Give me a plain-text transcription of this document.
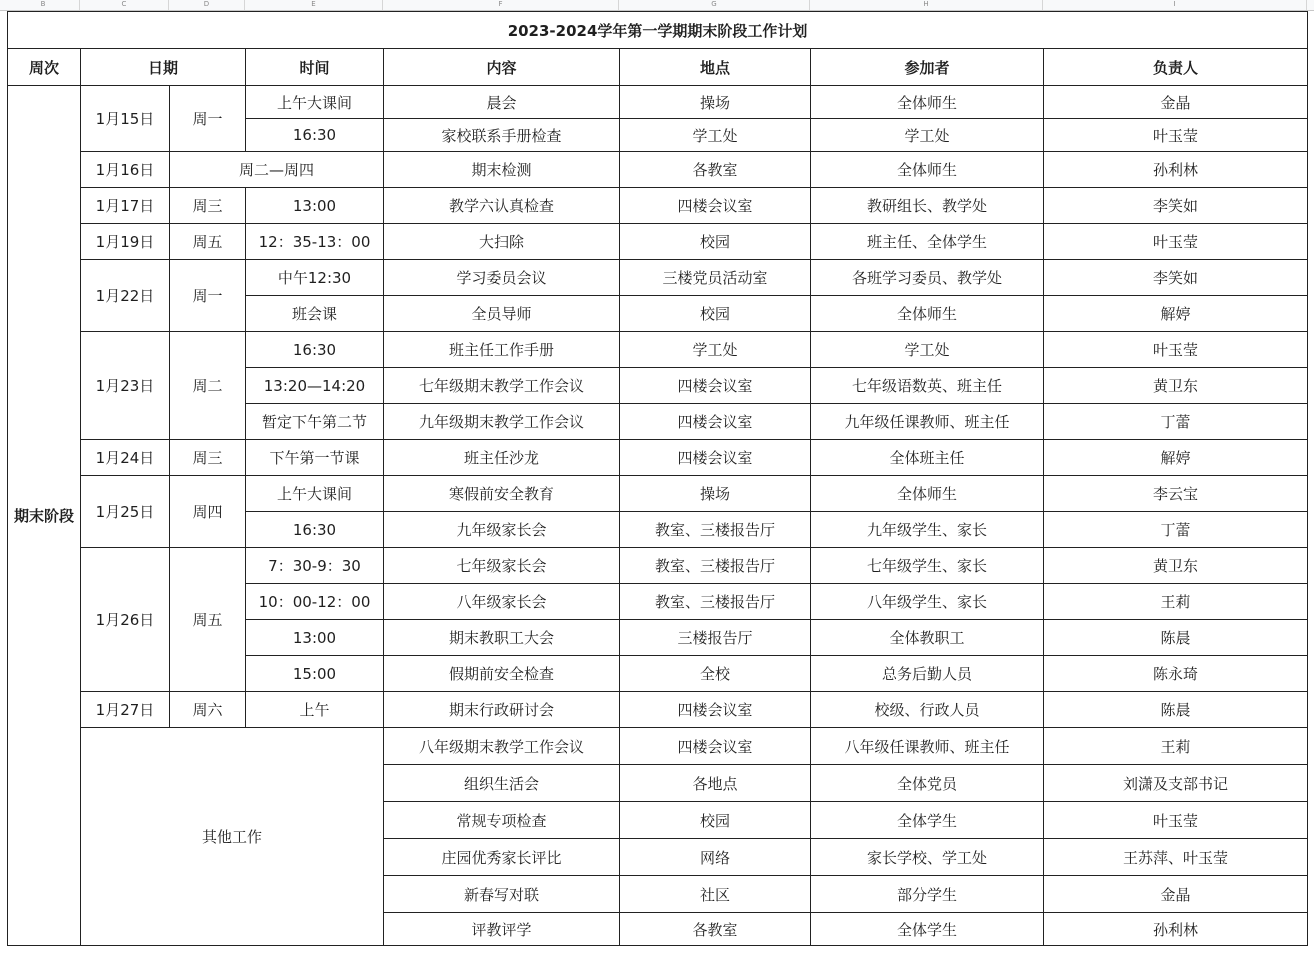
B	C	D	E	F	G	H	I
2023-2024学年第一学期期末阶段工作计划							
周次	日期		时间	内容	地点	参加者	负责人
期末阶段	1月15日	周一	上午大课间	晨会	操场	全体师生	金晶
			16:30	家校联系手册检查	学工处	学工处	叶玉莹
	1月16日	周二—周四		期末检测	各教室	全体师生	孙利林
	1月17日	周三	13:00	教学六认真检查	四楼会议室	教研组长、教学处	李笑如
	1月19日	周五	12：35-13：00	大扫除	校园	班主任、全体学生	叶玉莹
	1月22日	周一	中午12:30	学习委员会议	三楼党员活动室	各班学习委员、教学处	李笑如
			班会课	全员导师	校园	全体师生	解婷
	1月23日	周二	16:30	班主任工作手册	学工处	学工处	叶玉莹
			13:20—14:20	七年级期末教学工作会议	四楼会议室	七年级语数英、班主任	黄卫东
			暂定下午第二节	九年级期末教学工作会议	四楼会议室	九年级任课教师、班主任	丁蕾
	1月24日	周三	下午第一节课	班主任沙龙	四楼会议室	全体班主任	解婷
	1月25日	周四	上午大课间	寒假前安全教育	操场	全体师生	李云宝
			16:30	九年级家长会	教室、三楼报告厅	九年级学生、家长	丁蕾
	1月26日	周五	7：30-9：30	七年级家长会	教室、三楼报告厅	七年级学生、家长	黄卫东
			10：00-12：00	八年级家长会	教室、三楼报告厅	八年级学生、家长	王莉
			13:00	期末教职工大会	三楼报告厅	全体教职工	陈晨
			15:00	假期前安全检查	全校	总务后勤人员	陈永琦
	1月27日	周六	上午	期末行政研讨会	四楼会议室	校级、行政人员	陈晨
	其他工作			八年级期末教学工作会议	四楼会议室	八年级任课教师、班主任	王莉
				组织生活会	各地点	全体党员	刘潇及支部书记
				常规专项检查	校园	全体学生	叶玉莹
				庄园优秀家长评比	网络	家长学校、学工处	王苏萍、叶玉莹
				新春写对联	社区	部分学生	金晶
				评教评学	各教室	全体学生	孙利林
